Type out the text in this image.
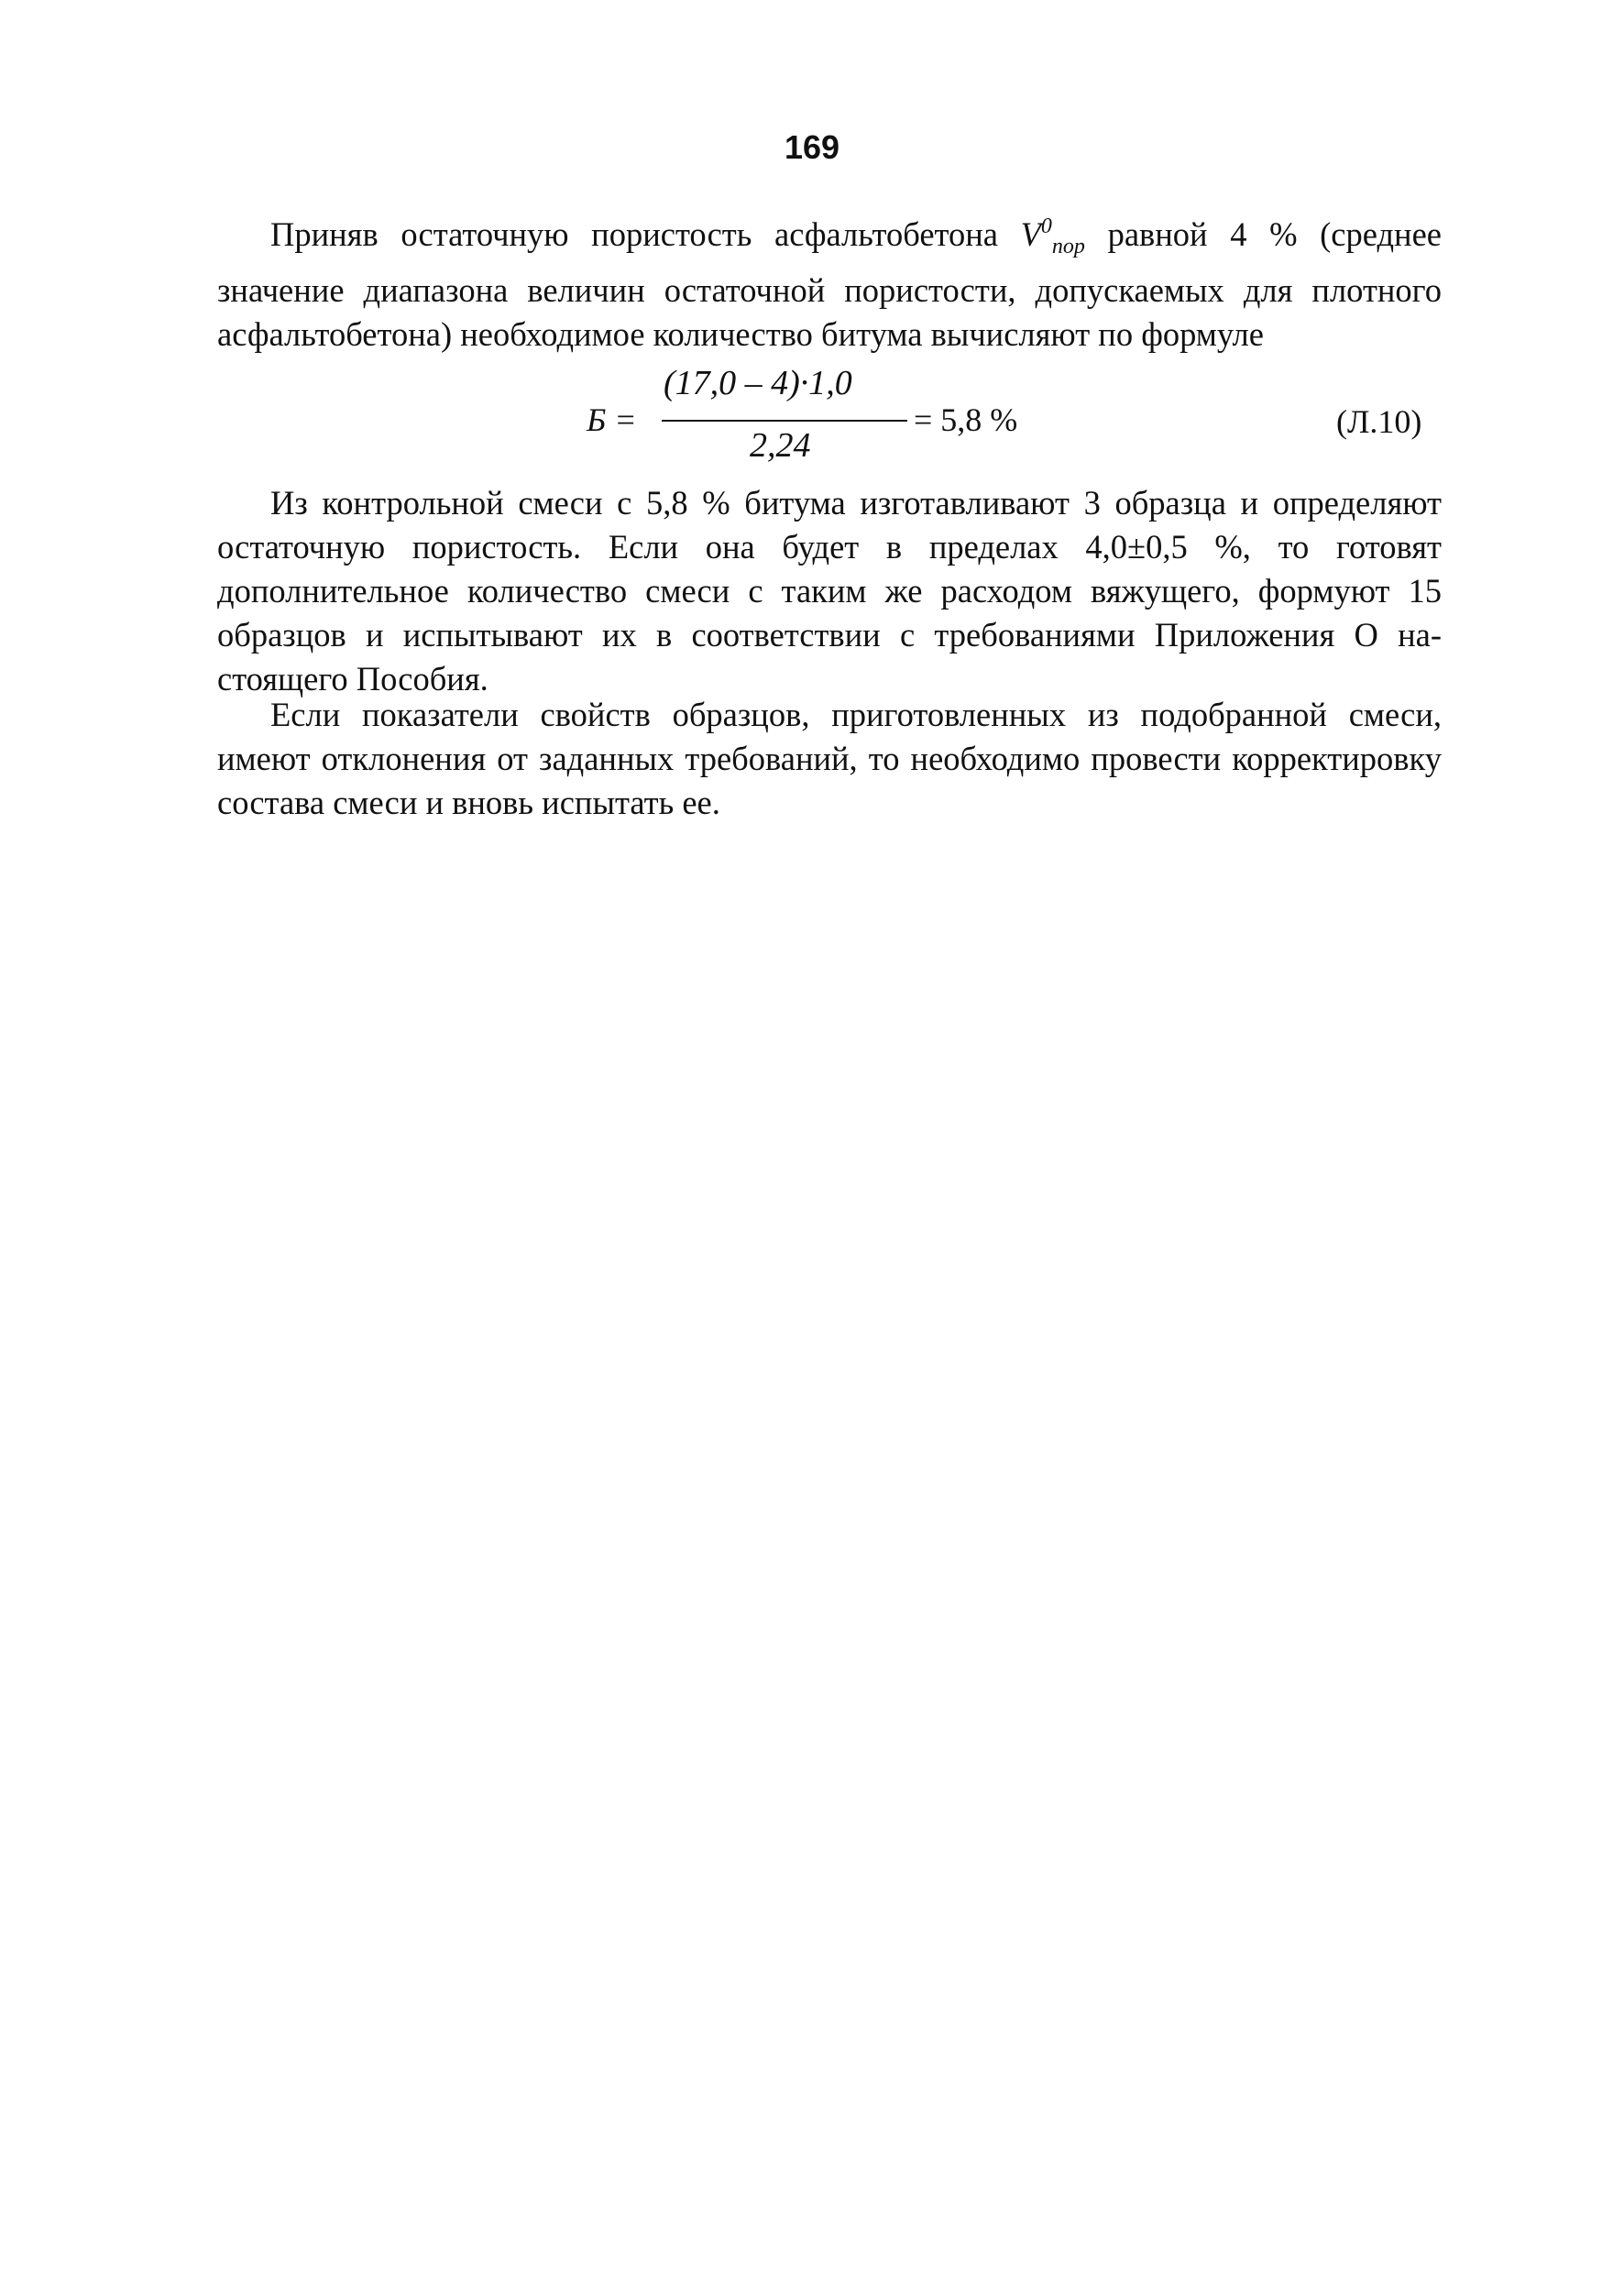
169

Приняв остаточную пористость асфальтобетона $V^0_{пор}$ равной 4 % (среднее значение диапазона величин остаточной пористости, допускаемых для плотного асфальтобетона) необходимое количество битума вычисляют по формуле

Б =
(17,0 – 4)·1,0
2,24
= 5,8 %	(Л.10)

Из контрольной смеси с 5,8 % битума изготавливают 3 образца и определяют остаточную пористость. Если она будет в пределах 4,0±0,5 %, то готовят дополнительное количество смеси с таким же расходом вяжущего, формуют 15 образцов и испытывают их в соответствии с требованиями Приложения О настоящего Пособия.

Если показатели свойств образцов, приготовленных из подобранной смеси, имеют отклонения от заданных требований, то необходимо провести корректировку состава смеси и вновь испытать ее.
